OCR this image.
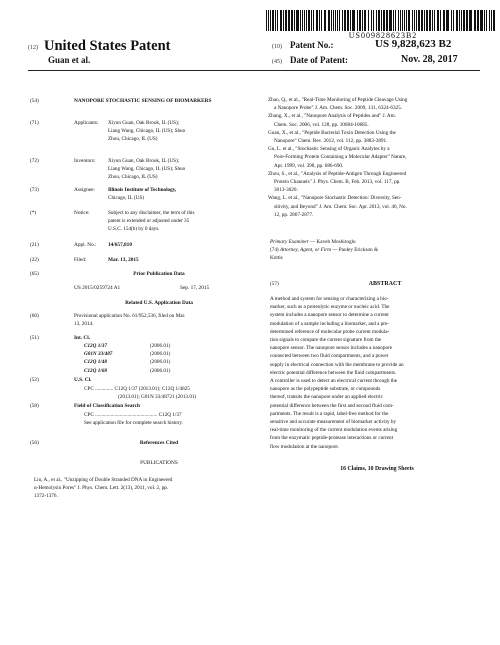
US009828623B2
(12) United States Patent
Guan et al.
(10) Patent No.:	US 9,828,623 B2
(45) Date of Patent:	Nov. 28, 2017
(54)	NANOPORE STOCHASTIC SENSING OF BIOMARKERS
(71)	Applicants: Xiyun Guan, Oak Brook, IL (US);
Liang Wang, Chicago, IL (US); Shuo
Zhou, Chicago, IL (US)
(72)	Inventors: Xiyun Guan, Oak Brook, IL (US);
Liang Wang, Chicago, IL (US); Shuo
Zhou, Chicago, IL (US)
(73)	Assignee:	Illinois Institute of Technology,
Chicago, IL (US)
(*)	Notice:	Subject to any disclaimer, the term of this
patent is extended or adjusted under 35
U.S.C. 154(b) by 0 days.
(21)	Appl. No.: 14/657,810
(22)	Filed:	Mar. 13, 2015
(65)	Prior Publication Data
US 2015/0259724 A1	Sep. 17, 2015
Related U.S. Application Data
(60)	Provisional application No. 61/952,536, filed on Mar.
13, 2014.
(51)	Int. Cl.
C12Q 1/37	(2006.01)
G01N 33/487	(2006.01)
C12Q 1/48	(2006.01)
C12Q 1/68	(2006.01)
(52)	U.S. Cl.
CPC .............. C12Q 1/37 (2013.01); C12Q 1/4825
(2013.01); G01N 33/48721 (2013.01)
(58)	Field of Classification Search
CPC ................................................ C12Q 1/37
See application file for complete search history.
(56)	References Cited
PUBLICATIONS
Liu, A., et al., "Unzipping of Double Stranded DNA in Engineered
α-Hemolysin Pores" J. Phys. Chem. Lett. 2(13), 2011, vol. 2, pp.
1372-1376.
Zhao, Q., et al., "Real-Time Monitoring of Peptide Cleavage Using
a Nanopore Probe" J. Am. Chem. Soc. 2009, 131, 6324-6325.
Zhang, X., et al., "Nanopore Analysis of Peptides and" J. Am.
Chem. Soc. 2006, vol. 128, pp. 10684-10685.
Guan, X., et al., "Peptide Bacterial Toxin Detection Using the
Nanopore" Chem. Rev. 2012, vol. 112, pp. 3883-3891.
Gu, L. et al., "Stochastic Sensing of Organic Analytes by a
Pore-Forming Protein Containing a Molecular Adapter" Nature,
Apr. 1999, vol. 398, pp. 686-690.
Zhou, S., et al., "Analysis of Peptide-Antigen Through Engineered
Protein Channels" J. Phys. Chem. B, Feb. 2013, vol. 117, pp.
3013-3020.
Wang, L. et al., "Nanopore Stochastic Detection: Diversity, Sen-
sitivity, and Beyond" J. Am. Chem. Soc. Apr. 2013, vol. 46, No.
12, pp. 2867-2877.
Primary Examiner — Kaveh Moshiroglu
(74) Attorney, Agent, or Firm — Pauley Erickson &
Kottis
(57)	ABSTRACT
A method and system for sensing or characterizing a bio-
marker, such as a proteolytic enzyme or nucleic acid. The
system includes a nanopore sensor to determine a current
modulation of a sample including a biomarker, and a pre-
determined reference of molecular probe current modula-
tion signals to compare the current signature from the
nanopore sensor. The nanopore sensor includes a nanopore
connected between two fluid compartments, and a power
supply in electrical connection with the membrane to provide an
electric potential difference between the fluid compartments.
A controller is used to detect an electrical current through the
nanopore as the polypeptide substrate, or compounds
thereof, transits the nanopore under an applied electric
potential difference between the first and second fluid com-
partments. The result is a rapid, label-free method for the
sensitive and accurate measurement of biomarker activity by
real-time monitoring of the current modulation events arising
from the enzymatic peptide-protease interactions or current
flow modulation at the nanopore.
16 Claims, 10 Drawing Sheets
